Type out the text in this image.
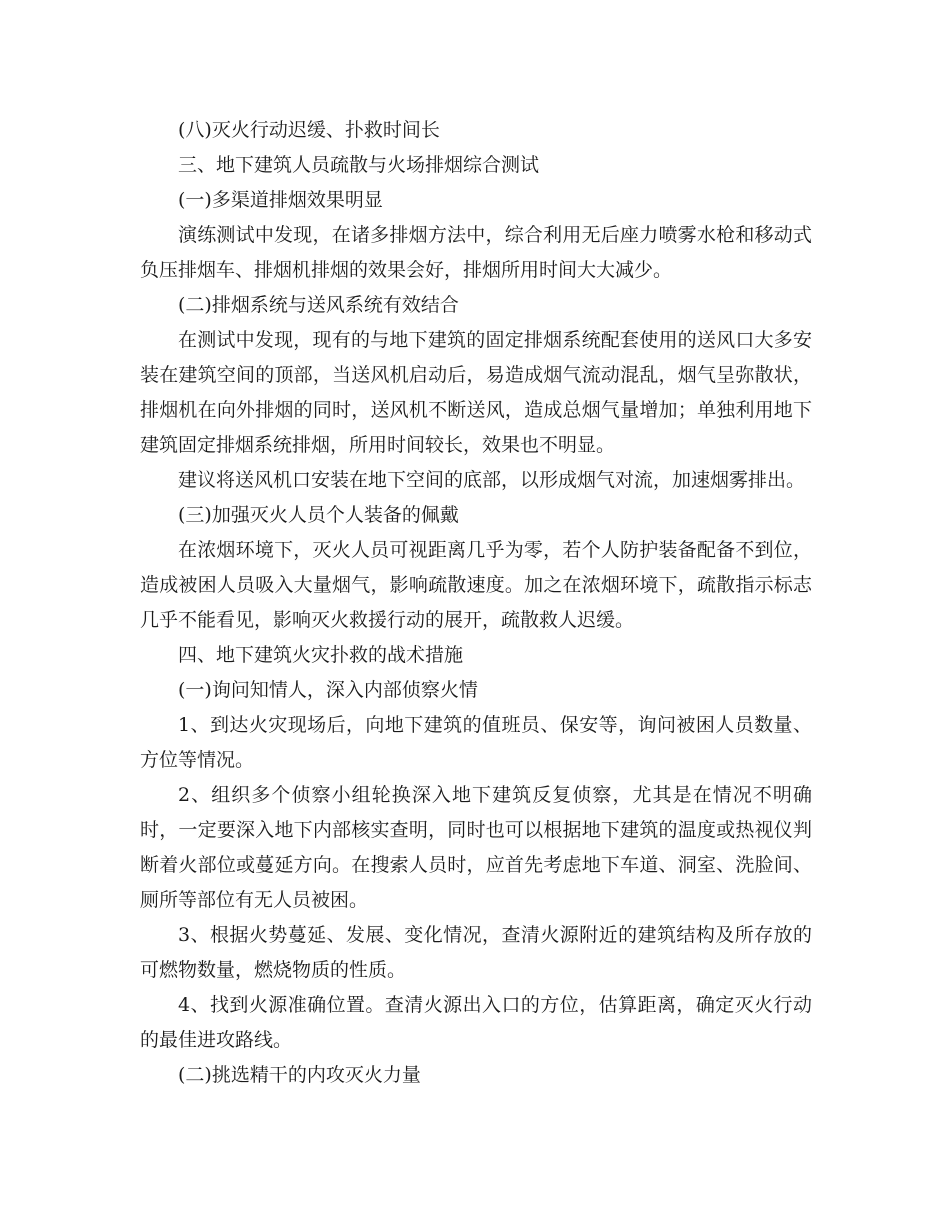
(八)灭火行动迟缓、扑救时间长

三、地下建筑人员疏散与火场排烟综合测试

(一)多渠道排烟效果明显

演练测试中发现，在诸多排烟方法中，综合利用无后座力喷雾水枪和移动式负压排烟车、排烟机排烟的效果会好，排烟所用时间大大减少。

(二)排烟系统与送风系统有效结合

在测试中发现，现有的与地下建筑的固定排烟系统配套使用的送风口大多安装在建筑空间的顶部，当送风机启动后，易造成烟气流动混乱，烟气呈弥散状，排烟机在向外排烟的同时，送风机不断送风，造成总烟气量增加；单独利用地下建筑固定排烟系统排烟，所用时间较长，效果也不明显。

建议将送风机口安装在地下空间的底部，以形成烟气对流，加速烟雾排出。

(三)加强灭火人员个人装备的佩戴

在浓烟环境下，灭火人员可视距离几乎为零，若个人防护装备配备不到位，造成被困人员吸入大量烟气，影响疏散速度。加之在浓烟环境下，疏散指示标志几乎不能看见，影响灭火救援行动的展开，疏散救人迟缓。

四、地下建筑火灾扑救的战术措施

(一)询问知情人，深入内部侦察火情

1、到达火灾现场后，向地下建筑的值班员、保安等，询问被困人员数量、方位等情况。

2、组织多个侦察小组轮换深入地下建筑反复侦察，尤其是在情况不明确时，一定要深入地下内部核实查明，同时也可以根据地下建筑的温度或热视仪判断着火部位或蔓延方向。在搜索人员时，应首先考虑地下车道、洞室、洗脸间、厕所等部位有无人员被困。

3、根据火势蔓延、发展、变化情况，查清火源附近的建筑结构及所存放的可燃物数量，燃烧物质的性质。

4、找到火源准确位置。查清火源出入口的方位，估算距离，确定灭火行动的最佳进攻路线。

(二)挑选精干的内攻灭火力量
